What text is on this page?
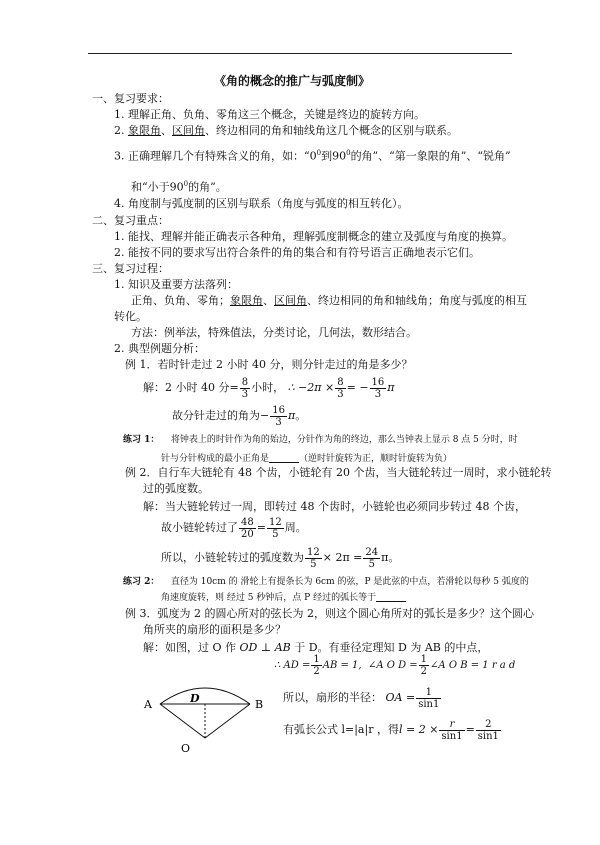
《角的概念的推广与弧度制》
一、复习要求：
1. 理解正角、负角、零角这三个概念，关键是终边的旋转方向。
2. 象限角、区间角、终边相同的角和轴线角这几个概念的区别与联系。
3. 正确理解几个有特殊含义的角，如：“$0^0$到$90^0$的角”、“第一象限的角”、“锐角”
和“小于$90^0$的角”。
4. 角度制与弧度制的区别与联系（角度与弧度的相互转化）。
二、复习重点：
1. 能找、理解并能正确表示各种角，理解弧度制概念的建立及弧度与角度的换算。
2. 能按不同的要求写出符合条件的角的集合和有符号语言正确地表示它们。
三、复习过程：
1. 知识及重要方法落列：
正角、负角、零角；象限角、区间角、终边相同的角和轴线角；角度与弧度的相互
转化。
方法：例举法，特殊值法，分类讨论，几何法，数形结合。
2. 典型例题分析：
例 1．若时针走过 2 小时 40 分，则分针走过的角是多少？
解：2 小时 40 分= $\frac{8}{3}$ 小时， ∴ $-2\pi \times \frac{8}{3}$ = − $\frac{16}{3}$ π
故分针走过的角为− $\frac{16}{3}$ π。
练习 1： 将钟表上的时针作为角的始边，分针作为角的终边，那么当钟表上显示 8 点 5 分时，时
针与分针构成的最小正角是	（逆时针旋转为正，顺时针旋转为负）
例 2．自行车大链轮有 48 个齿，小链轮有 20 个齿，当大链轮转过一周时，求小链轮转
过的弧度数。
解：当大链轮转过一周，即转过 48 个齿时，小链轮也必须同步转过 48 个齿，
故小链轮转过了 $\frac{48}{20} = \frac{12}{5}$ 周。
所以，小链轮转过的弧度数为 $\frac{12}{5} \times 2\pi = \frac{24}{5}$ π。
练习 2： 直径为 10cm 的 滑轮上有提条长为 6cm 的弦，P 是此弦的中点，若滑轮以每秒 5 弧度的
角速度旋转，则 经过 5 秒钟后，点 P 经过的弧长等于
例 3．弧度为 2 的圆心所对的弦长为 2，则这个圆心角所对的弧长是多少？这个圆心
角所夹的扇形的面积是多少？
解：如图，过 O 作 OD ⊥ AB 于 D。有垂径定理知 D 为 AB 的中点，
∴ AD = $\frac{1}{2}$ AB = 1, ∠A O $D = \frac{1}{2}$ ∠A O B = 1 r a d
所以，扇形的半径： OA = $\frac{1}{\sin 1}$
有弧长公式 l=|a|r ，得$l = 2 \times \frac{r}{\sin 1} = \frac{2}{\sin 1}$
A	B
D
O
